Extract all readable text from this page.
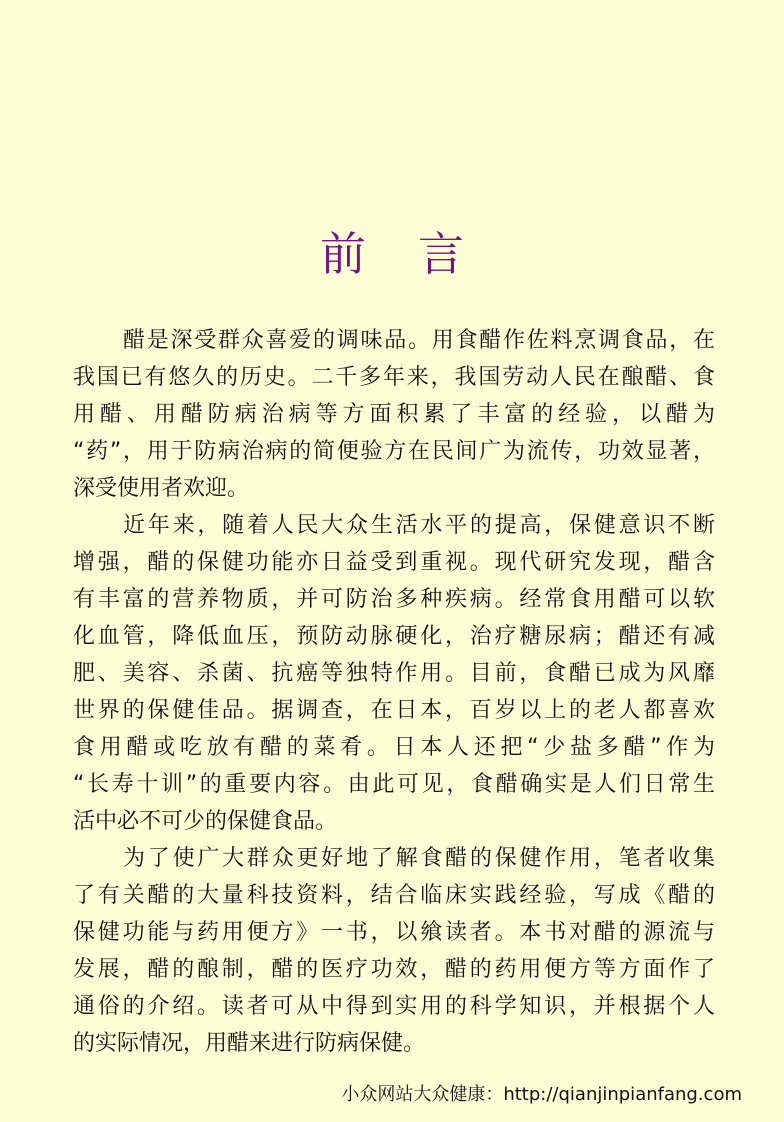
前言
醋是深受群众喜爱的调味品。用食醋作佐料烹调食品，在
我国已有悠久的历史。二千多年来，我国劳动人民在酿醋、食
用醋、用醋防病治病等方面积累了丰富的经验，以醋为
“药”，用于防病治病的简便验方在民间广为流传，功效显著，
深受使用者欢迎。
近年来，随着人民大众生活水平的提高，保健意识不断
增强，醋的保健功能亦日益受到重视。现代研究发现，醋含
有丰富的营养物质，并可防治多种疾病。经常食用醋可以软
化血管，降低血压，预防动脉硬化，治疗糖尿病；醋还有减
肥、美容、杀菌、抗癌等独特作用。目前，食醋已成为风靡
世界的保健佳品。据调查，在日本，百岁以上的老人都喜欢
食用醋或吃放有醋的菜肴。日本人还把“少盐多醋”作为
“长寿十训”的重要内容。由此可见，食醋确实是人们日常生
活中必不可少的保健食品。
为了使广大群众更好地了解食醋的保健作用，笔者收集
了有关醋的大量科技资料，结合临床实践经验，写成《醋的
保健功能与药用便方》一书，以飨读者。本书对醋的源流与
发展，醋的酿制，醋的医疗功效，醋的药用便方等方面作了
通俗的介绍。读者可从中得到实用的科学知识，并根据个人
的实际情况，用醋来进行防病保健。
小众网站大众健康：http://qianjinpianfang.com
